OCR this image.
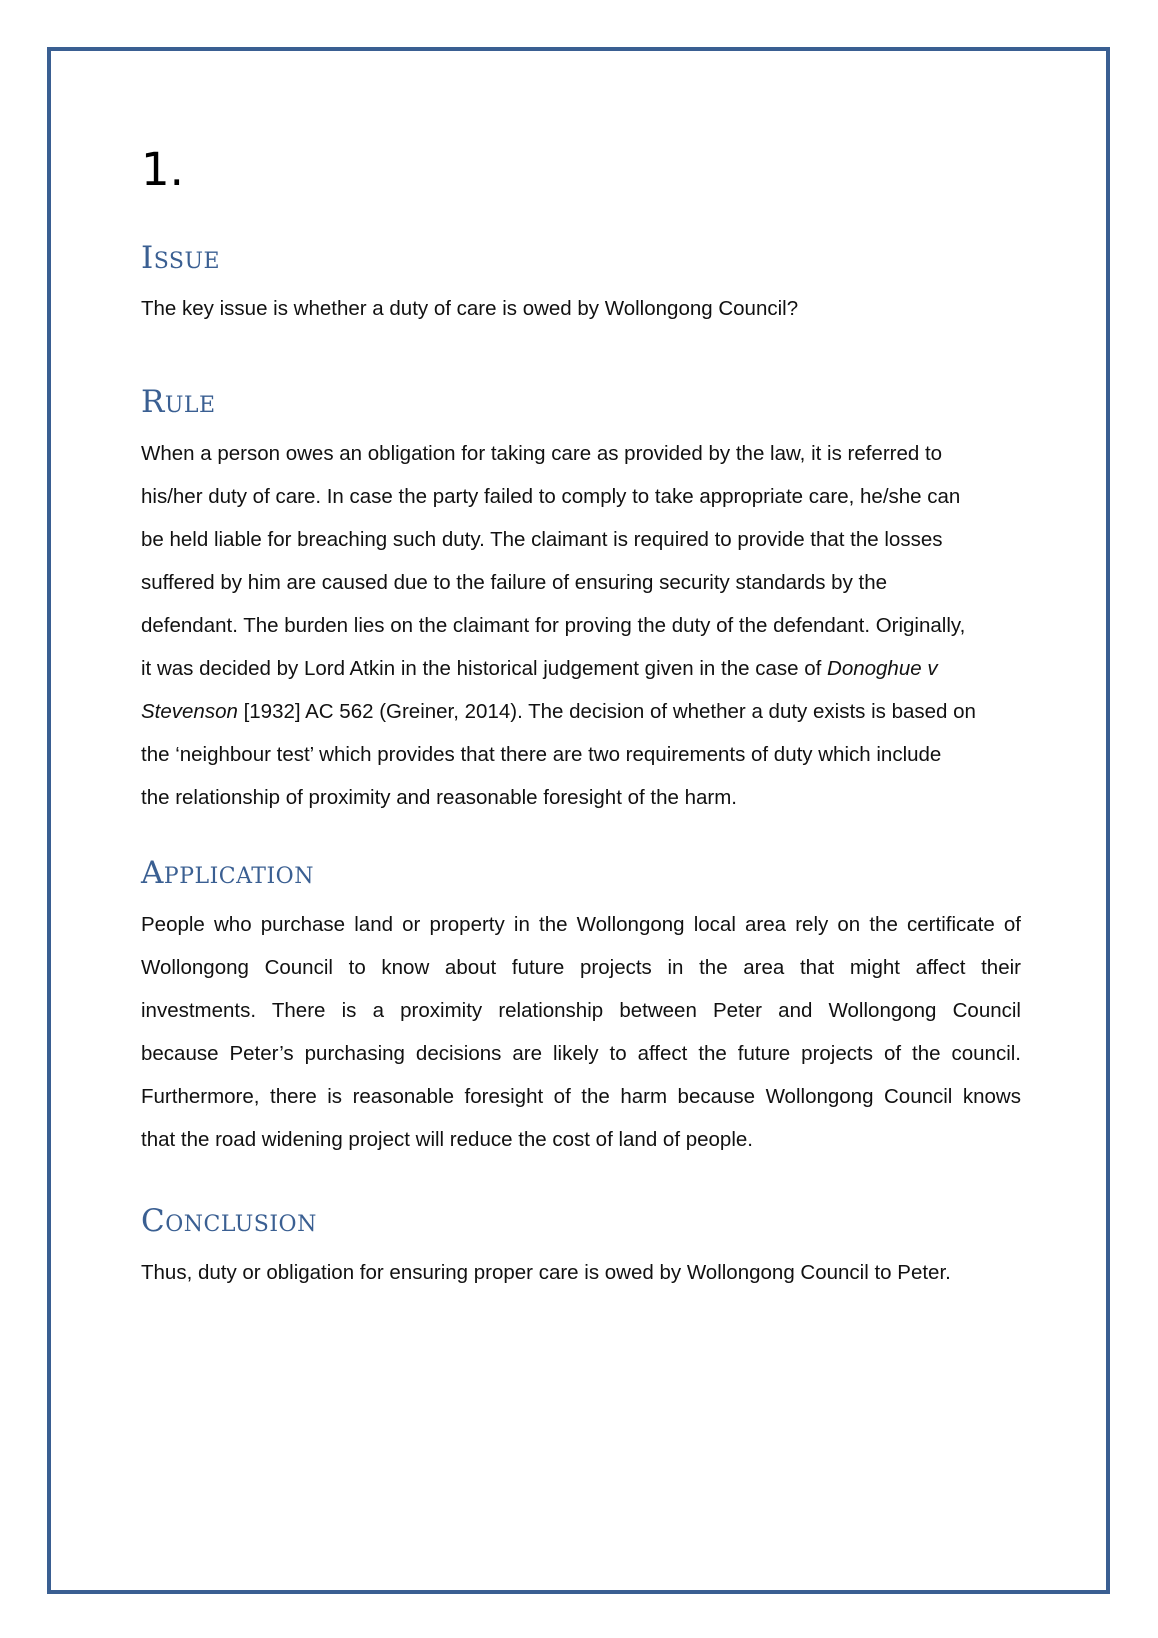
1.
Issue

The key issue is whether a duty of care is owed by Wollongong Council?

Rule

When a person owes an obligation for taking care as provided by the law, it is referred to
his/her duty of care. In case the party failed to comply to take appropriate care, he/she can
be held liable for breaching such duty. The claimant is required to provide that the losses
suffered by him are caused due to the failure of ensuring security standards by the
defendant. The burden lies on the claimant for proving the duty of the defendant. Originally,
it was decided by Lord Atkin in the historical judgement given in the case of Donoghue v
Stevenson [1932] AC 562 (Greiner, 2014). The decision of whether a duty exists is based on
the ‘neighbour test’ which provides that there are two requirements of duty which include
the relationship of proximity and reasonable foresight of the harm.

Application

People who purchase land or property in the Wollongong local area rely on the certificate of
Wollongong Council to know about future projects in the area that might affect their
investments. There is a proximity relationship between Peter and Wollongong Council
because Peter’s purchasing decisions are likely to affect the future projects of the council.
Furthermore, there is reasonable foresight of the harm because Wollongong Council knows
that the road widening project will reduce the cost of land of people.

Conclusion

Thus, duty or obligation for ensuring proper care is owed by Wollongong Council to Peter.
